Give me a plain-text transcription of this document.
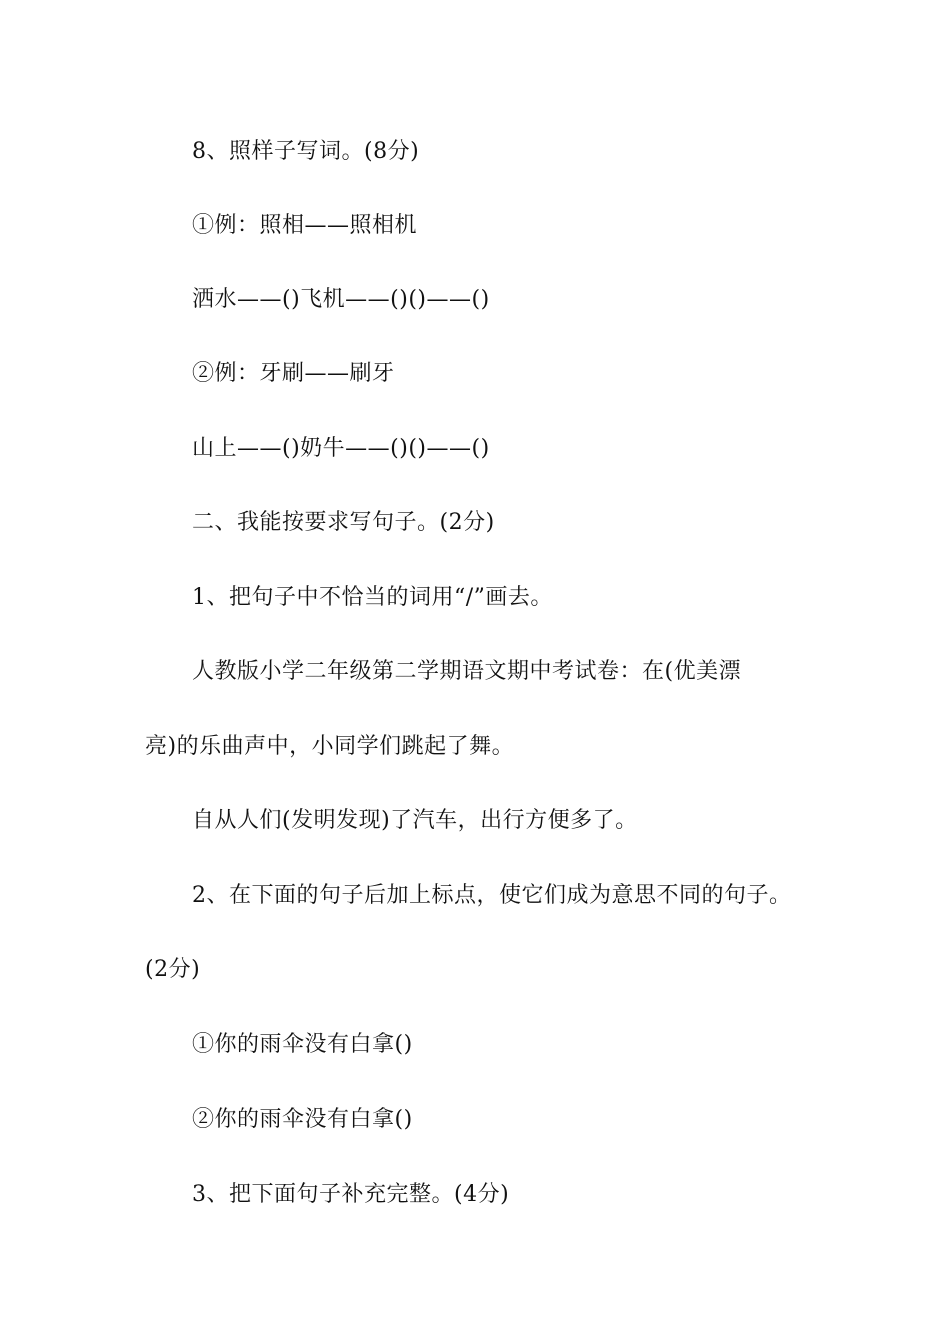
8、照样子写词。(8分)
①例：照相——照相机
洒水——()飞机——()()——()
②例：牙刷——刷牙
山上——()奶牛——()()——()
二、我能按要求写句子。(2分)
1、把句子中不恰当的词用“/”画去。
人教版小学二年级第二学期语文期中考试卷：在(优美漂
亮)的乐曲声中，小同学们跳起了舞。
自从人们(发明发现)了汽车，出行方便多了。
2、在下面的句子后加上标点，使它们成为意思不同的句子。
(2分)
①你的雨伞没有白拿()
②你的雨伞没有白拿()
3、把下面句子补充完整。(4分)
